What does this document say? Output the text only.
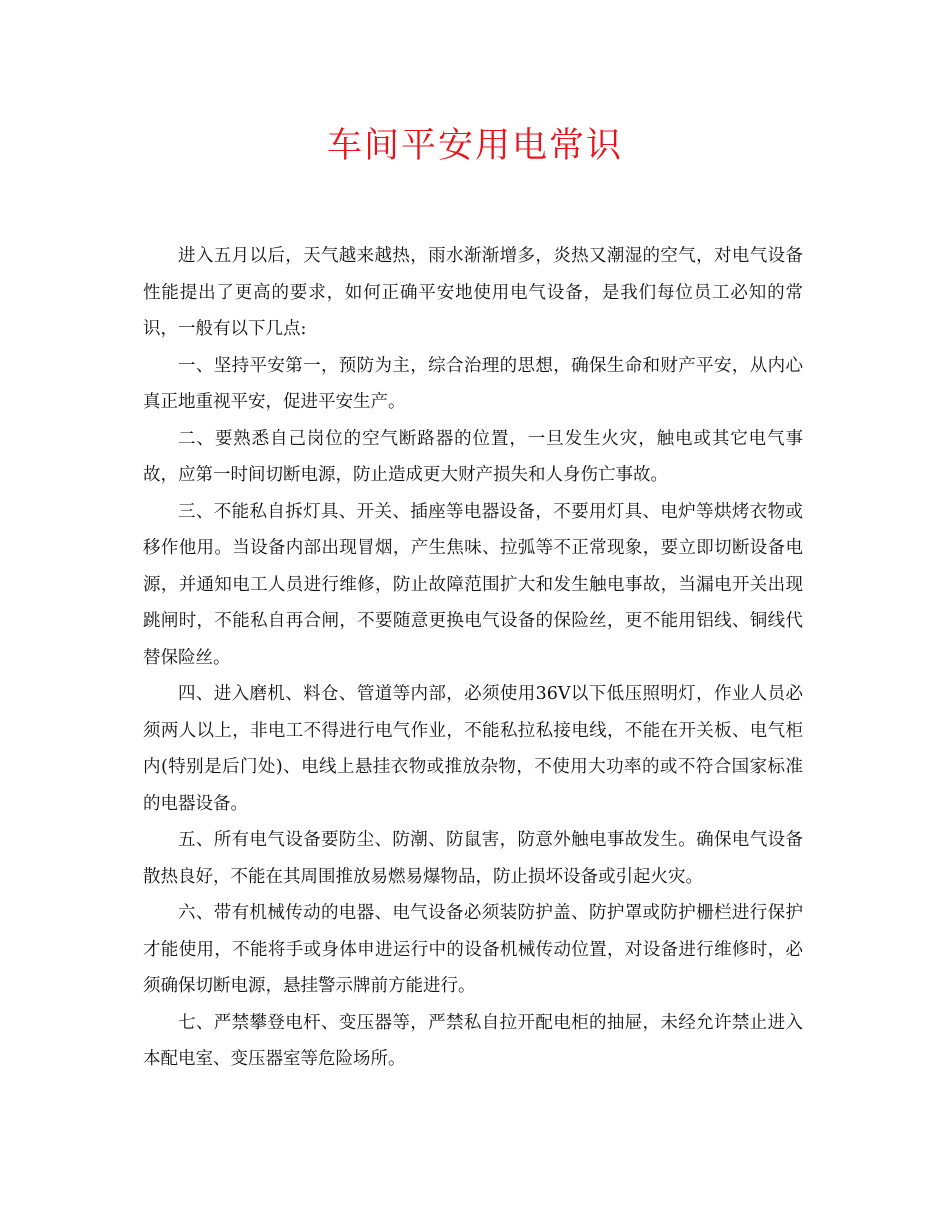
车间平安用电常识

进入五月以后，天气越来越热，雨水渐渐增多，炎热又潮湿的空气，对电气设备性能提出了更高的要求，如何正确平安地使用电气设备，是我们每位员工必知的常识，一般有以下几点:

一、坚持平安第一，预防为主，综合治理的思想，确保生命和财产平安，从内心真正地重视平安，促进平安生产。

二、要熟悉自己岗位的空气断路器的位置，一旦发生火灾，触电或其它电气事故，应第一时间切断电源，防止造成更大财产损失和人身伤亡事故。

三、不能私自拆灯具、开关、插座等电器设备，不要用灯具、电炉等烘烤衣物或移作他用。当设备内部出现冒烟，产生焦味、拉弧等不正常现象，要立即切断设备电源，并通知电工人员进行维修，防止故障范围扩大和发生触电事故，当漏电开关出现跳闸时，不能私自再合闸，不要随意更换电气设备的保险丝，更不能用铝线、铜线代替保险丝。

四、进入磨机、料仓、管道等内部，必须使用36V以下低压照明灯，作业人员必须两人以上，非电工不得进行电气作业，不能私拉私接电线，不能在开关板、电气柜内(特别是后门处)、电线上悬挂衣物或推放杂物，不使用大功率的或不符合国家标准的电器设备。

五、所有电气设备要防尘、防潮、防鼠害，防意外触电事故发生。确保电气设备散热良好，不能在其周围推放易燃易爆物品，防止损坏设备或引起火灾。

六、带有机械传动的电器、电气设备必须装防护盖、防护罩或防护栅栏进行保护才能使用，不能将手或身体申进运行中的设备机械传动位置，对设备进行维修时，必须确保切断电源，悬挂警示牌前方能进行。

七、严禁攀登电杆、变压器等，严禁私自拉开配电柜的抽屉，未经允许禁止进入本配电室、变压器室等危险场所。
